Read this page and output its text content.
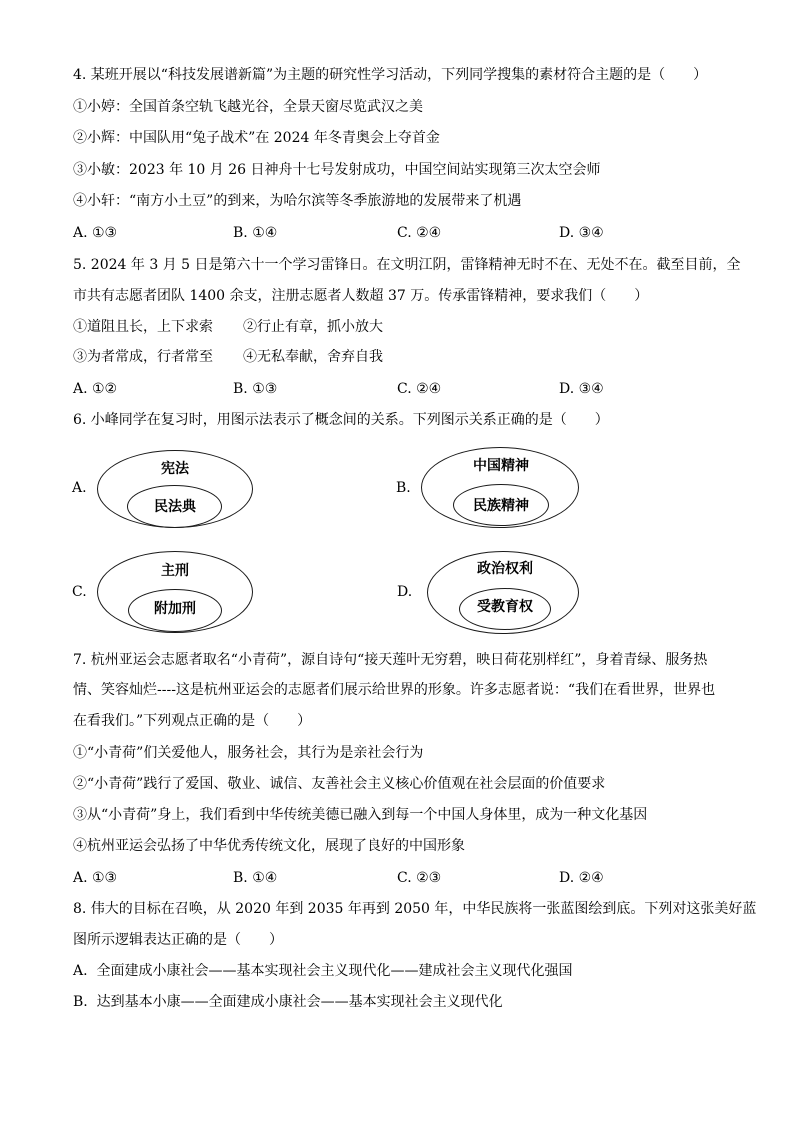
4. 某班开展以“科技发展谱新篇”为主题的研究性学习活动，下列同学搜集的素材符合主题的是（　　）
①小婷：全国首条空轨飞越光谷，全景天窗尽览武汉之美
②小辉：中国队用“兔子战术”在 2024 年冬青奥会上夺首金
③小敏：2023 年 10 月 26 日神舟十七号发射成功，中国空间站实现第三次太空会师
④小轩：“南方小土豆”的到来，为哈尔滨等冬季旅游地的发展带来了机遇
A. ①③	B. ①④	C. ②④	D. ③④
5. 2024 年 3 月 5 日是第六十一个学习雷锋日。在文明江阴，雷锋精神无时不在、无处不在。截至目前，全
市共有志愿者团队 1400 余支，注册志愿者人数超 37 万。传承雷锋精神，要求我们（　　）
①道阻且长，上下求索 ②行止有章，抓小放大
③为者常成，行者常至 ④无私奉献，舍弃自我
A. ①②	B. ①③	C. ②④	D. ③④
6. 小峰同学在复习时，用图示法表示了概念间的关系。下列图示关系正确的是（　　）
A.
宪法
民法典
B.
中国精神
民族精神
C.
主刑
附加刑
D.
政治权利
受教育权
7. 杭州亚运会志愿者取名“小青荷”，源自诗句“接天莲叶无穷碧，映日荷花别样红”，身着青绿、服务热
情、笑容灿烂----这是杭州亚运会的志愿者们展示给世界的形象。许多志愿者说：“我们在看世界，世界也
在看我们。”下列观点正确的是（　　）
①“小青荷”们关爱他人，服务社会，其行为是亲社会行为
②“小青荷”践行了爱国、敬业、诚信、友善社会主义核心价值观在社会层面的价值要求
③从“小青荷”身上，我们看到中华传统美德已融入到每一个中国人身体里，成为一种文化基因
④杭州亚运会弘扬了中华优秀传统文化，展现了良好的中国形象
A. ①③	B. ①④	C. ②③	D. ②④
8. 伟大的目标在召唤，从 2020 年到 2035 年再到 2050 年，中华民族将一张蓝图绘到底。下列对这张美好蓝
图所示逻辑表达正确的是（　　）
A.  全面建成小康社会——基本实现社会主义现代化——建成社会主义现代化强国
B.  达到基本小康——全面建成小康社会——基本实现社会主义现代化
